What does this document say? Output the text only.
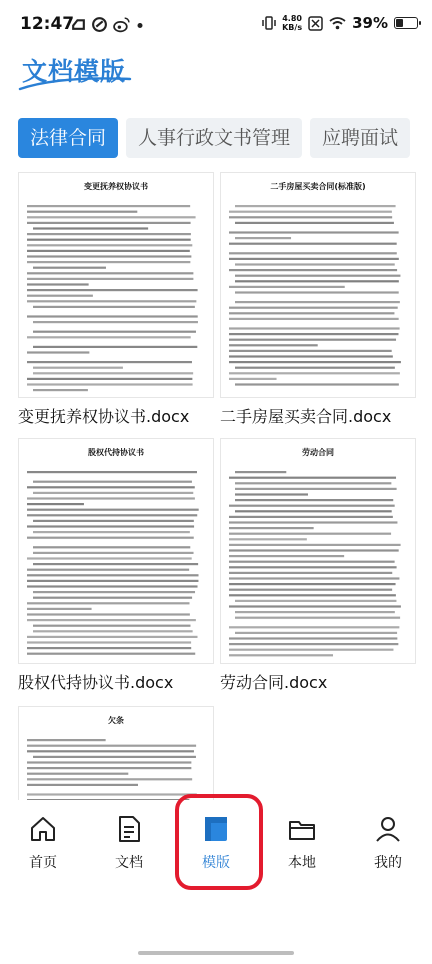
12:47	4.80
KB/s	39%
文档模版
法律合同 人事行政文书管理 应聘面试
变更抚养权协议书
变更抚养权协议书.docx
二手房屋买卖合同(标准版)
二手房屋买卖合同.docx
股权代持协议书
股权代持协议书.docx
劳动合同
劳动合同.docx
欠条
首页	文档	模版	本地	我的
